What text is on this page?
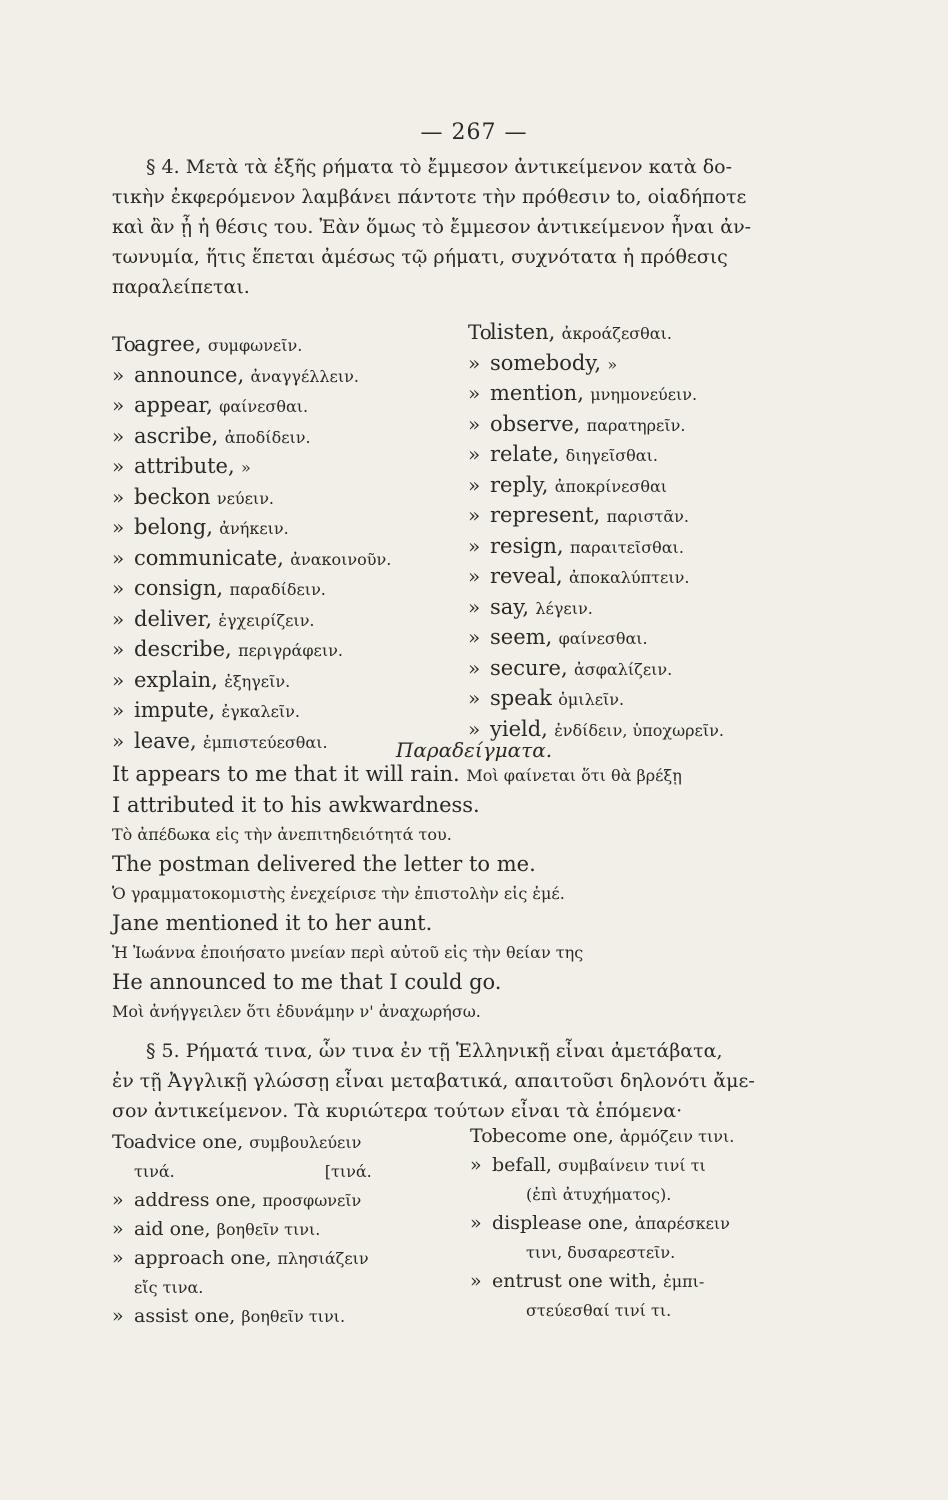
— 267 —

§ 4. Μετὰ τὰ ἑξῆς ρήματα τὸ ἔμμεσον ἀντικείμενον κατὰ δο-

τικὴν ἐκφερόμενον λαμβάνει πάντοτε τὴν πρόθεσιν to, οἱαδήποτε

καὶ ἂν ᾖ ἡ θέσις του. Ἐὰν ὅμως τὸ ἔμμεσον ἀντικείμενον ἦναι ἀν-

τωνυμία, ἥτις ἕπεται ἀμέσως τῷ ρήματι, συχνότατα ἡ πρόθεσις

παραλείπεται.

Toagree, συμφωνεῖν.
» announce, ἀναγγέλλειν.
» appear, φαίνεσθαι.
» ascribe, ἀποδίδειν.
» attribute, »
» beckon νεύειν.
» belong, ἀνήκειν.
» communicate, ἀνακοινοῦν.
» consign, παραδίδειν.
» deliver, ἐγχειρίζειν.
» describe, περιγράφειν.
» explain, ἐξηγεῖν.
» impute, ἐγκαλεῖν.
» leave, ἐμπιστεύεσθαι.
Tolisten, ἀκροάζεσθαι.
» somebody, »
» mention, μνημονεύειν.
» observe, παρατηρεῖν.
» relate, διηγεῖσθαι.
» reply, ἀποκρίνεσθαι
» represent, παριστᾶν.
» resign, παραιτεῖσθαι.
» reveal, ἀποκαλύπτειν.
» say, λέγειν.
» seem, φαίνεσθαι.
» secure, ἀσφαλίζειν.
» speak ὁμιλεῖν.
» yield, ἐνδίδειν, ὑποχωρεῖν.
Παραδείγματα.
It appears to me that it will rain. Μοὶ φαίνεται ὅτι θὰ βρέξῃ
I attributed it to his awkwardness.
Τὸ ἀπέδωκα εἰς τὴν ἀνεπιτηδειότητά του.
The postman delivered the letter to me.
Ὁ γραμματοκομιστὴς ἐνεχείρισε τὴν ἐπιστολὴν εἰς ἐμέ.
Jane mentioned it to her aunt.
Ἡ Ἰωάννα ἐποιήσατο μνείαν περὶ αὐτοῦ εἰς τὴν θείαν της
He announced to me that I could go.
Μοὶ ἀνήγγειλεν ὅτι ἐδυνάμην ν' ἀναχωρήσω.

§ 5. Ρήματά τινα, ὧν τινα ἐν τῇ Ἑλληνικῇ εἶναι ἀμετάβατα,

ἐν τῇ Ἀγγλικῇ γλώσσῃ εἶναι μεταβατικά, απαιτοῦσι δηλονότι ἄμε-

σον ἀντικείμενον. Τὰ κυριώτερα τούτων εἶναι τὰ ἑπόμενα·

Toadvice one, συμβουλεύειν
τινά.	[τινά.
» address one, προσφωνεῖν
» aid one, βοηθεῖν τινι.
» approach one, πλησιάζειν
εἴς τινα.
» assist one, βοηθεῖν τινι.
Tobecome one, ἁρμόζειν τινι.
» befall, συμβαίνειν τινί τι
(ἐπὶ ἀτυχήματος).
» displease one, ἀπαρέσκειν
τινι, δυσαρεστεῖν.
» entrust one with, ἐμπι-
στεύεσθαί τινί τι.
